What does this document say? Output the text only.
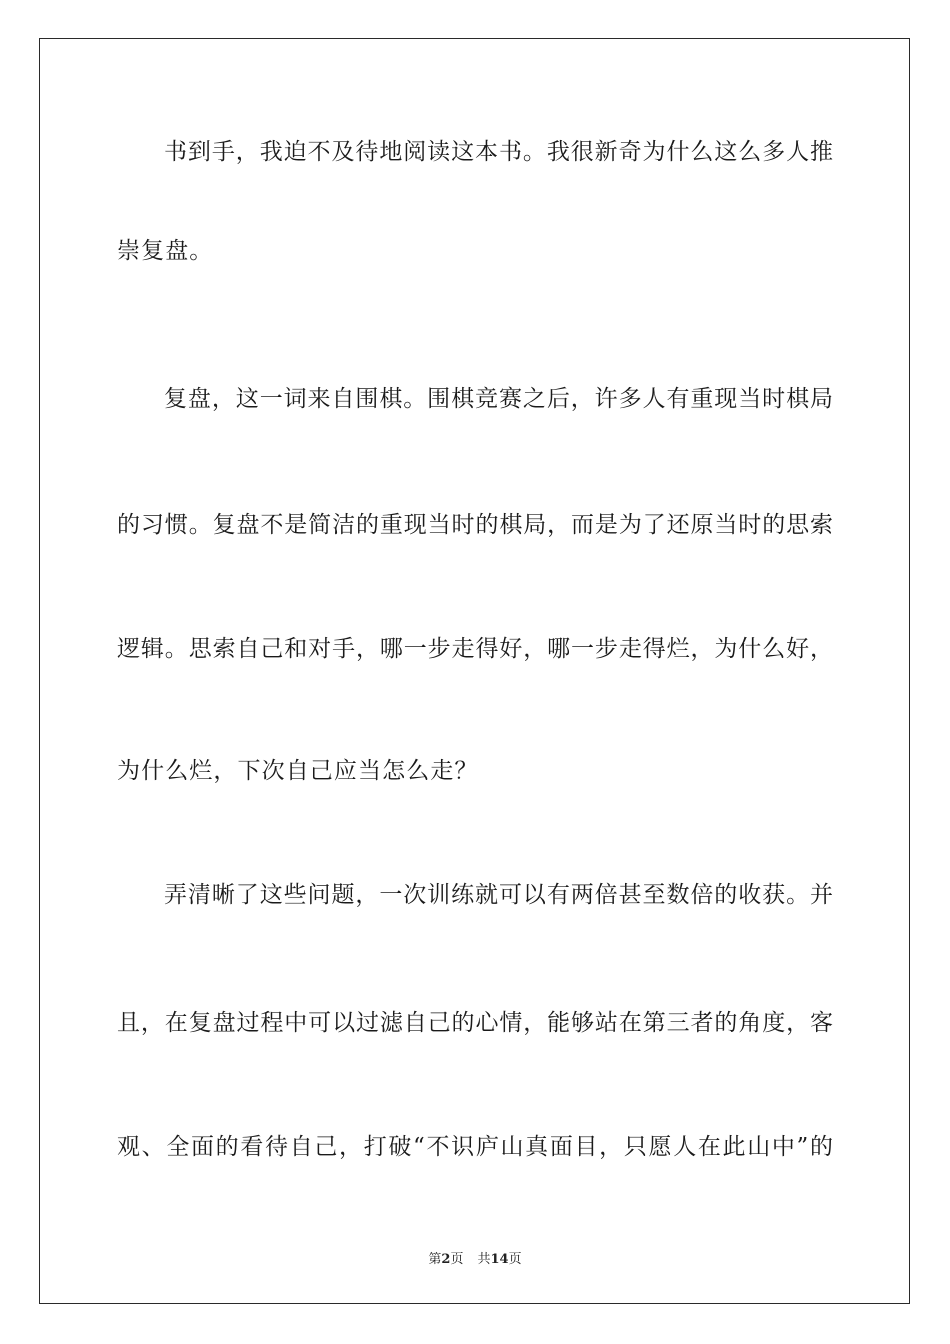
书到手，我迫不及待地阅读这本书。我很新奇为什么这么多人推
崇复盘。
复盘，这一词来自围棋。围棋竞赛之后，许多人有重现当时棋局
的习惯。复盘不是简洁的重现当时的棋局，而是为了还原当时的思索
逻辑。思索自己和对手，哪一步走得好，哪一步走得烂，为什么好，
为什么烂，下次自己应当怎么走？
弄清晰了这些问题，一次训练就可以有两倍甚至数倍的收获。并
且，在复盘过程中可以过滤自己的心情，能够站在第三者的角度，客
观、全面的看待自己，打破“不识庐山真面目，只愿人在此山中”的
第2页 共14页
